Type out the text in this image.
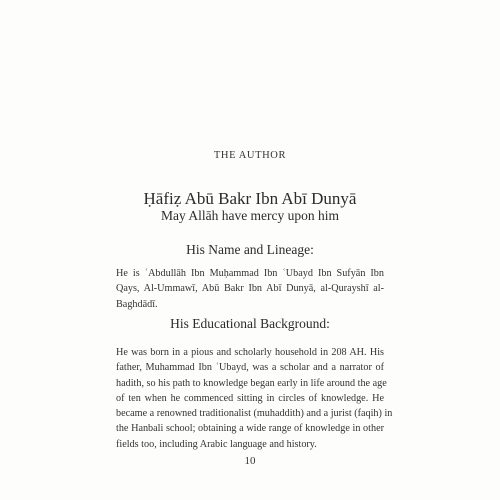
THE AUTHOR
Ḥāfiẓ Abū Bakr Ibn Abī Dunyā
May Allāh have mercy upon him
His Name and Lineage:
He is ʿAbdullāh Ibn Muḥammad Ibn ʿUbayd Ibn Sufyān Ibn
Qays, Al-Ummawī, Abū Bakr Ibn Abī Dunyā, al-Qurayshī al-
Baghdādī.
His Educational Background:
He was born in a pious and scholarly household in 208 AH. His
father, Muhammad Ibn ʿUbayd, was a scholar and a narrator of
hadith, so his path to knowledge began early in life around the age
of ten when he commenced sitting in circles of knowledge. He
became a renowned traditionalist (muhaddith) and a jurist (faqih) in
the Hanbali school; obtaining a wide range of knowledge in other
fields too, including Arabic language and history.
10
